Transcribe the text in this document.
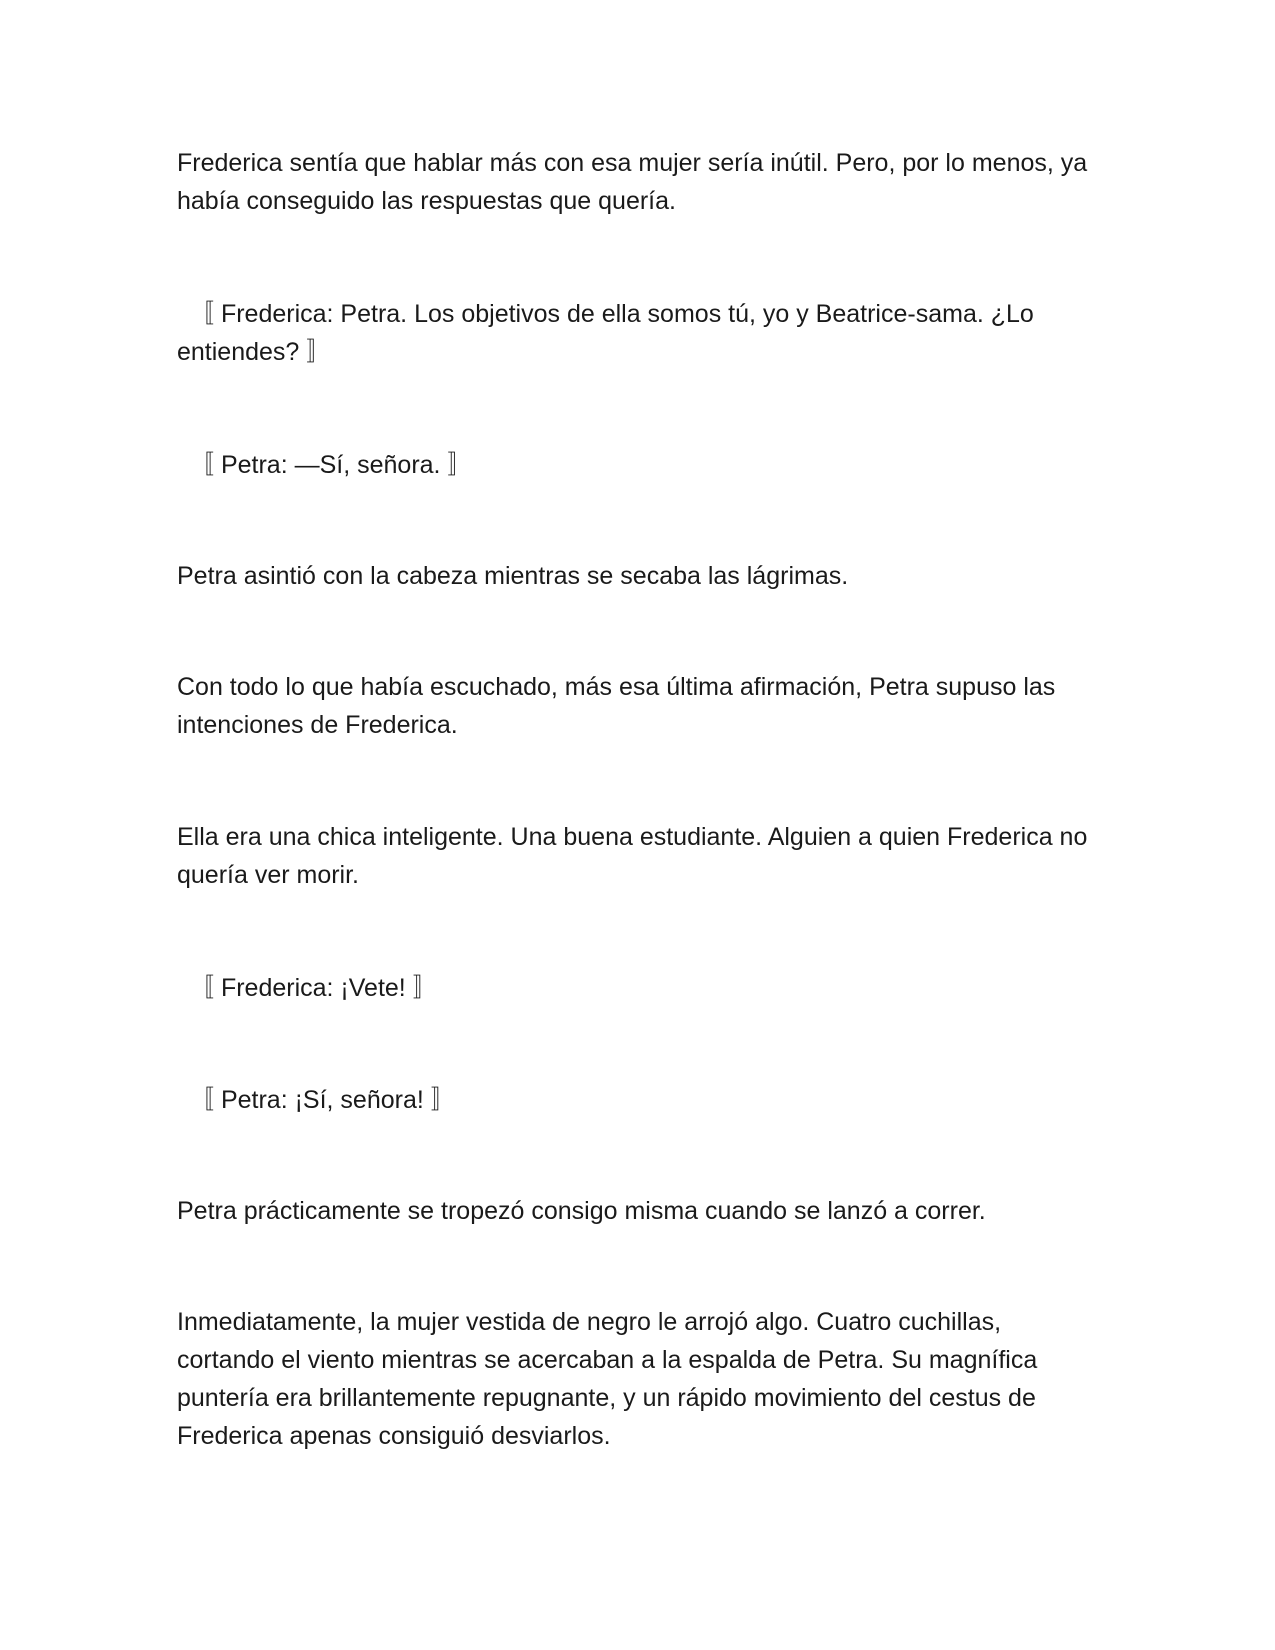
Frederica sentía que hablar más con esa mujer sería inútil. Pero, por lo menos, ya había conseguido las respuestas que quería.

〚 Frederica: Petra. Los objetivos de ella somos tú, yo y Beatrice-sama. ¿Lo entiendes? 〛

〚 Petra: —Sí, señora. 〛

Petra asintió con la cabeza mientras se secaba las lágrimas.

Con todo lo que había escuchado, más esa última afirmación, Petra supuso las intenciones de Frederica.

Ella era una chica inteligente. Una buena estudiante. Alguien a quien Frederica no quería ver morir.

〚 Frederica: ¡Vete! 〛

〚 Petra: ¡Sí, señora! 〛

Petra prácticamente se tropezó consigo misma cuando se lanzó a correr.

Inmediatamente, la mujer vestida de negro le arrojó algo. Cuatro cuchillas, cortando el viento mientras se acercaban a la espalda de Petra. Su magnífica puntería era brillantemente repugnante, y un rápido movimiento del cestus de Frederica apenas consiguió desviarlos.
